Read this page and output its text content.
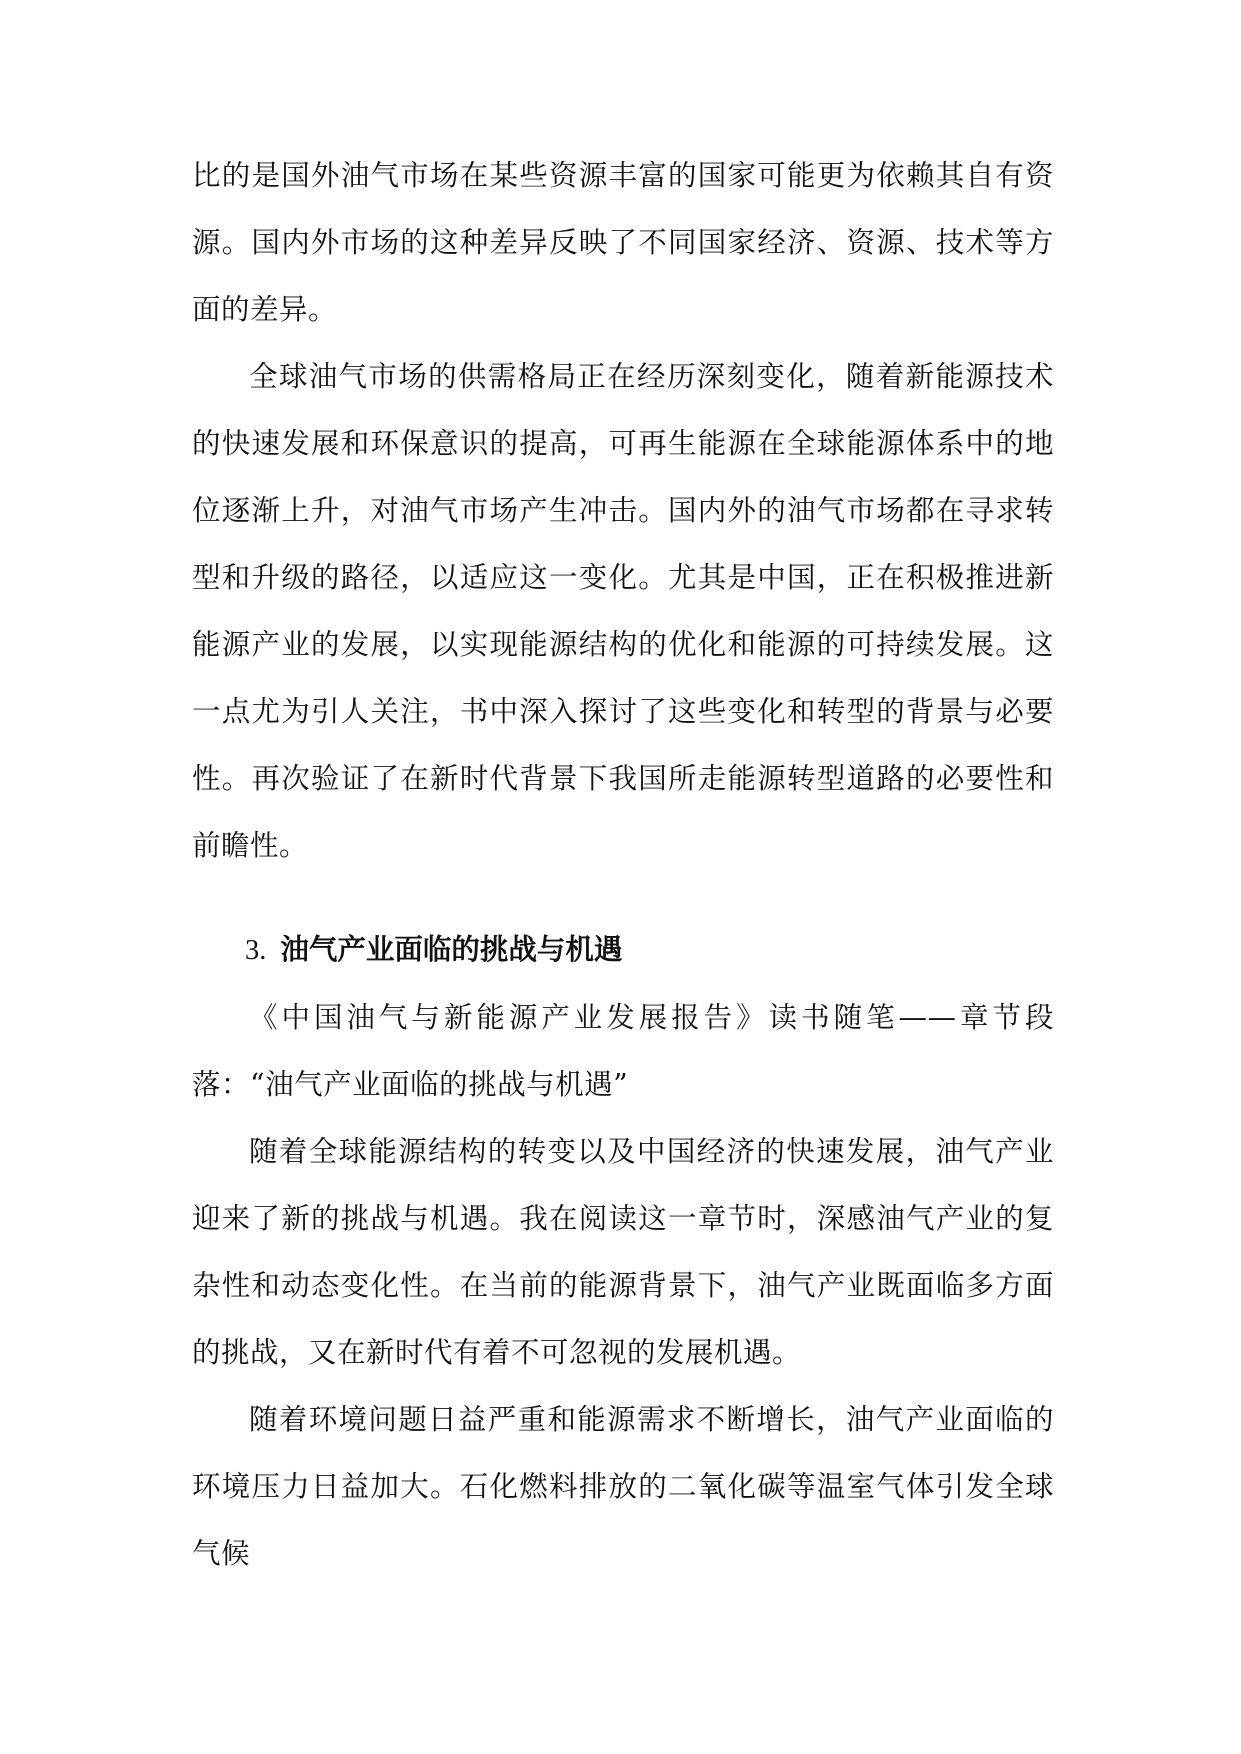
比的是国外油气市场在某些资源丰富的国家可能更为依赖其自有资源。国内外市场的这种差异反映了不同国家经济、资源、技术等方面的差异。

全球油气市场的供需格局正在经历深刻变化，随着新能源技术的快速发展和环保意识的提高，可再生能源在全球能源体系中的地位逐渐上升，对油气市场产生冲击。国内外的油气市场都在寻求转型和升级的路径，以适应这一变化。尤其是中国，正在积极推进新能源产业的发展，以实现能源结构的优化和能源的可持续发展。这一点尤为引人关注，书中深入探讨了这些变化和转型的背景与必要性。再次验证了在新时代背景下我国所走能源转型道路的必要性和前瞻性。

3. 油气产业面临的挑战与机遇

《中国油气与新能源产业发展报告》读书随笔——章节段落：“油气产业面临的挑战与机遇”

随着全球能源结构的转变以及中国经济的快速发展，油气产业迎来了新的挑战与机遇。我在阅读这一章节时，深感油气产业的复杂性和动态变化性。在当前的能源背景下，油气产业既面临多方面的挑战，又在新时代有着不可忽视的发展机遇。

随着环境问题日益严重和能源需求不断增长，油气产业面临的环境压力日益加大。石化燃料排放的二氧化碳等温室气体引发全球气候
